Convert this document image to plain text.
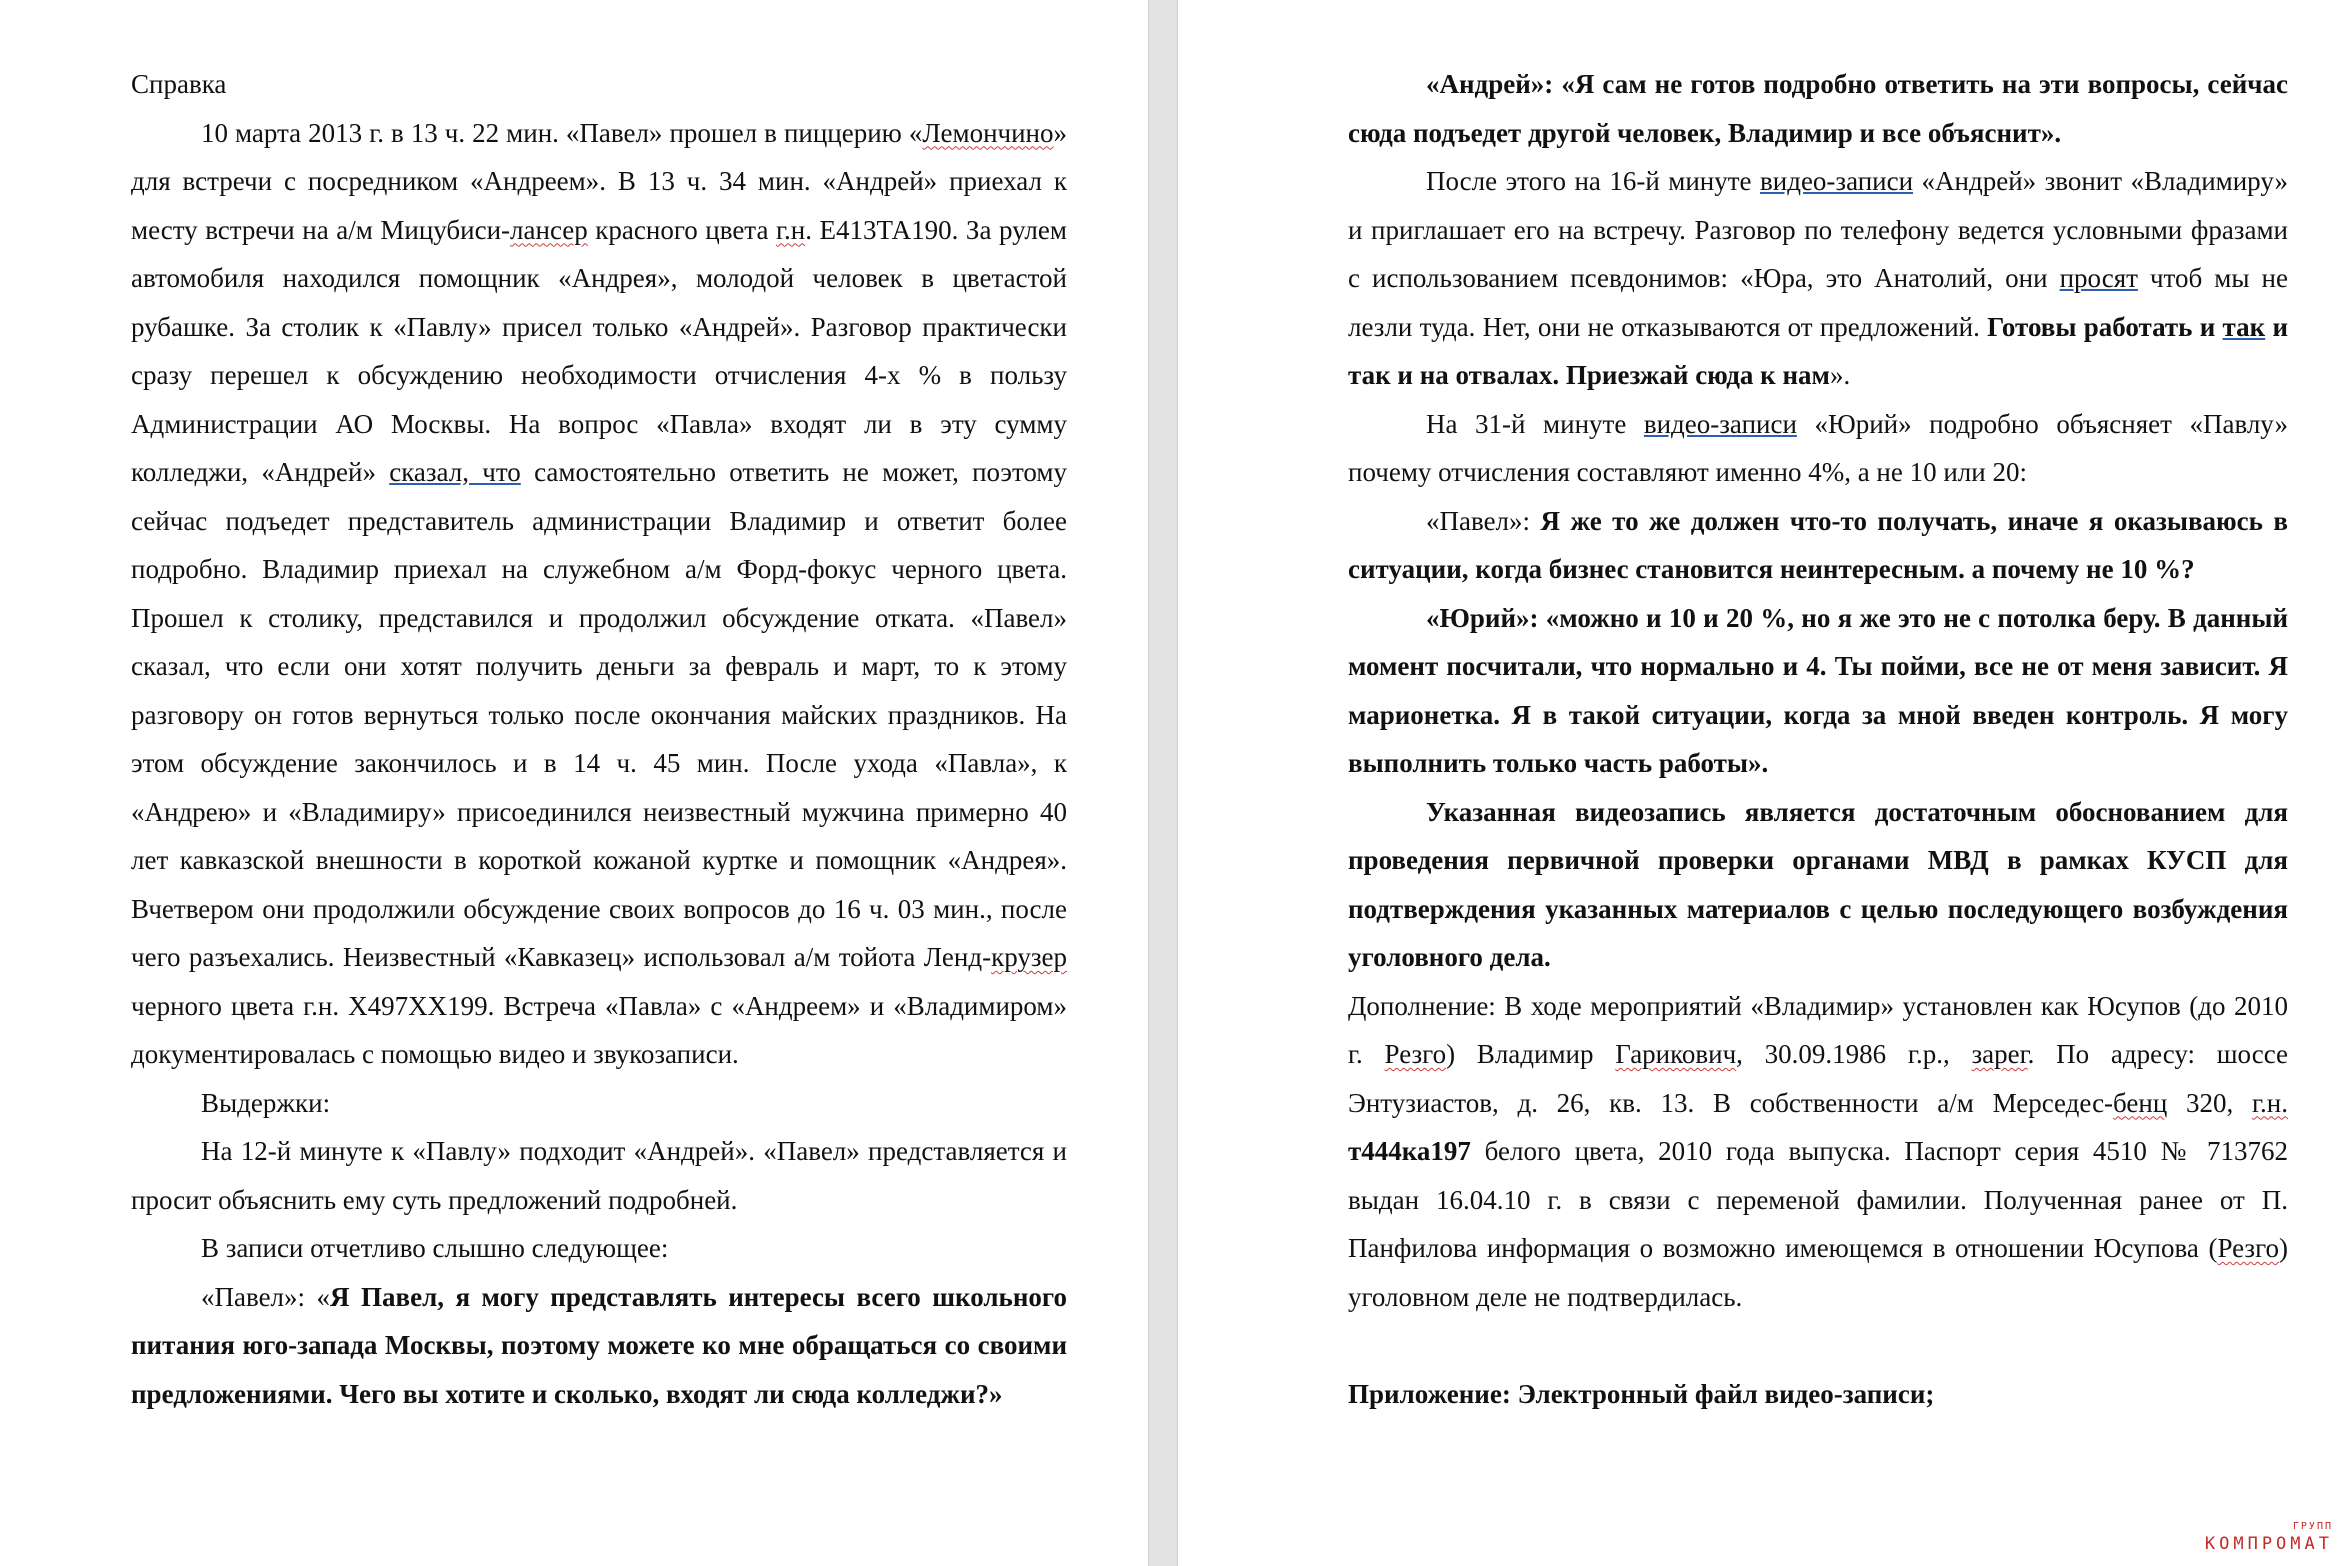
Справка

10 марта 2013 г. в 13 ч. 22 мин. «Павел» прошел в пиццерию «Лемончино» для встречи с посредником «Андреем». В 13 ч. 34 мин. «Андрей» приехал к месту встречи на а/м Мицубиси-лансер красного цвета г.н. Е413ТА190. За рулем автомобиля находился помощник «Андрея», молодой человек в цветастой рубашке. За столик к «Павлу» присел только «Андрей». Разговор практически сразу перешел к обсуждению необходимости отчисления 4-х % в пользу Администрации АО Москвы. На вопрос «Павла» входят ли в эту сумму колледжи, «Андрей» сказал, что самостоятельно ответить не может, поэтому сейчас подъедет представитель администрации Владимир и ответит более подробно. Владимир приехал на служебном а/м Форд-фокус черного цвета. Прошел к столику, представился и продолжил обсуждение отката. «Павел» сказал, что если они хотят получить деньги за февраль и март, то к этому разговору он готов вернуться только после окончания майских праздников. На этом обсуждение закончилось и в 14 ч. 45 мин. После ухода «Павла», к «Андрею» и «Владимиру» присоединился неизвестный мужчина примерно 40 лет кавказской внешности в короткой кожаной куртке и помощник «Андрея». Вчетвером они продолжили обсуждение своих вопросов до 16 ч. 03 мин., после чего разъехались. Неизвестный «Кавказец» использовал а/м тойота Ленд-крузер черного цвета г.н. Х497ХХ199. Встреча «Павла» с «Андреем» и «Владимиром» документировалась с помощью видео и звукозаписи.

Выдержки:

На 12-й минуте к «Павлу» подходит «Андрей». «Павел» представляется и просит объяснить ему суть предложений подробней.

В записи отчетливо слышно следующее:

«Павел»: «Я Павел, я могу представлять интересы всего школьного питания юго-запада Москвы, поэтому можете ко мне обращаться со своими предложениями. Чего вы хотите и сколько, входят ли сюда колледжи?»

«Андрей»: «Я сам не готов подробно ответить на эти вопросы, сейчас сюда подъедет другой человек, Владимир и все объяснит».

После этого на 16-й минуте видео-записи «Андрей» звонит «Владимиру» и приглашает его на встречу. Разговор по телефону ведется условными фразами с использованием псевдонимов: «Юра, это Анатолий, они просят чтоб мы не лезли туда. Нет, они не отказываются от предложений. Готовы работать и так и так и на отвалах. Приезжай сюда к нам».

На 31-й минуте видео-записи «Юрий» подробно объясняет «Павлу» почему отчисления составляют именно 4%, а не 10 или 20:

«Павел»: Я же то же должен что-то получать, иначе я оказываюсь в ситуации, когда бизнес становится неинтересным. а почему не 10 %?

«Юрий»: «можно и 10 и 20 %, но я же это не с потолка беру. В данный момент посчитали, что нормально и 4. Ты пойми, все не от меня зависит. Я марионетка. Я в такой ситуации, когда за мной введен контроль. Я могу выполнить только часть работы».

Указанная видеозапись является достаточным обоснованием для проведения первичной проверки органами МВД в рамках КУСП для подтверждения указанных материалов с целью последующего возбуждения уголовного дела.

Дополнение: В ходе мероприятий «Владимир» установлен как Юсупов (до 2010 г. Резго) Владимир Гарикович, 30.09.1986 г.р., зарег. По адресу: шоссе Энтузиастов, д. 26, кв. 13. В собственности а/м Мерседес-бенц 320, г.н. т444ка197 белого цвета, 2010 года выпуска. Паспорт серия 4510 № 713762 выдан 16.04.10 г. в связи с переменой фамилии. Полученная ранее от П. Панфилова информация о возможно имеющемся в отношении Юсупова (Резго) уголовном деле не подтвердилась.

Приложение: Электронный файл видео-записи;

ГРУПП
КОМПРОМАТ
